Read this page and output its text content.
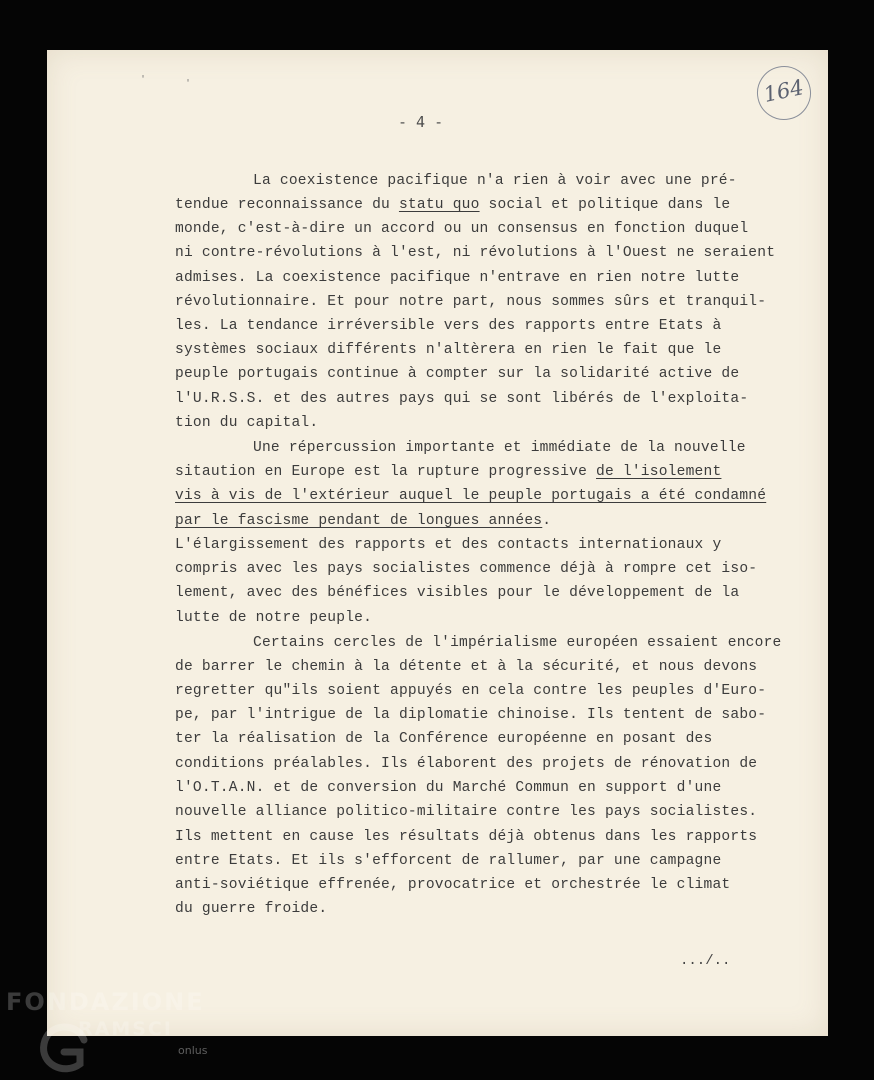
'	'	164
- 4 -
La coexistence pacifique n'a rien à voir avec une pré-
tendue reconnaissance du statu quo social et politique dans le
monde, c'est-à-dire un accord ou un consensus en fonction duquel
ni contre-révolutions à l'est, ni révolutions à l'Ouest ne seraient
admises. La coexistence pacifique n'entrave en rien notre lutte
révolutionnaire. Et pour notre part, nous sommes sûrs et tranquil-
les. La tendance irréversible vers des rapports entre Etats à
systèmes sociaux différents n'altèrera en rien le fait que le
peuple portugais continue à compter sur la solidarité active de
l'U.R.S.S. et des autres pays qui se sont libérés de l'exploita-
tion du capital.
Une répercussion importante et immédiate de la nouvelle
sitaution en Europe est la rupture progressive de l'isolement
vis à vis de l'extérieur auquel le peuple portugais a été condamné
par le fascisme pendant de longues années.
L'élargissement des rapports et des contacts internationaux y
compris avec les pays socialistes commence déjà à rompre cet iso-
lement, avec des bénéfices visibles pour le développement de la
lutte de notre peuple.
Certains cercles de l'impérialisme européen essaient encore
de barrer le chemin à la détente et à la sécurité, et nous devons
regretter qu"ils soient appuyés en cela contre les peuples d'Euro-
pe, par l'intrigue de la diplomatie chinoise. Ils tentent de sabo-
ter la réalisation de la Conférence européenne en posant des
conditions préalables. Ils élaborent des projets de rénovation de
l'O.T.A.N. et de conversion du Marché Commun en support d'une
nouvelle alliance politico-militaire contre les pays socialistes.
Ils mettent en cause les résultats déjà obtenus dans les rapports
entre Etats. Et ils s'efforcent de rallumer, par une campagne
anti-soviétique effrenée, provocatrice et orchestrée le climat
du guerre froide.
.../..
FONDAZIONE
RAMSCI
onlus
